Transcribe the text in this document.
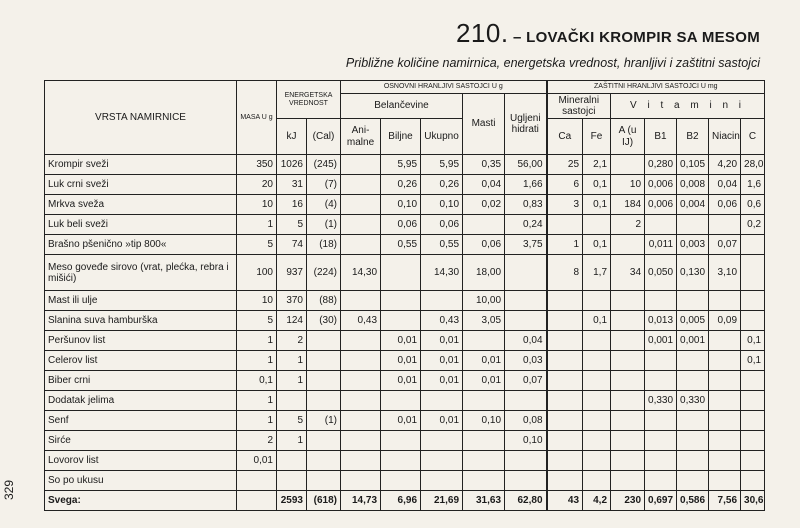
329
210. – LOVAČKI KROMPIR SA MESOM
Približne količine namirnica, energetska vrednost, hranljivi i zaštitni sastojci
VRSTA NAMIRNICE	MASA U g	ENERGETSKA VREDNOST		OSNOVNI HRANLJIVI SASTOJCI U g					ZAŠTITNI HRANLJIVI SASTOJCI U mg						
				Belančevine			Masti	Ugljeni hidrati	Mineralni sastojci		V i t a m i n i				
		kJ	(Cal)	Ani-malne	Biljne	Ukupno			Ca	Fe	A (u IJ)	B1	B2	Niacin	C
Krompir sveži	350	1026	(245)		5,95	5,95	0,35	56,00	25	2,1		0,280	0,105	4,20	28,0
Luk crni sveži	20	31	(7)		0,26	0,26	0,04	1,66	6	0,1	10	0,006	0,008	0,04	1,6
Mrkva sveža	10	16	(4)		0,10	0,10	0,02	0,83	3	0,1	184	0,006	0,004	0,06	0,6
Luk beli sveži	1	5	(1)		0,06	0,06		0,24			2				0,2
Brašno pšenično »tip 800«	5	74	(18)		0,55	0,55	0,06	3,75	1	0,1		0,011	0,003	0,07	
Meso goveđe sirovo (vrat, plećka, rebra i mišići)	100	937	(224)	14,30		14,30	18,00		8	1,7	34	0,050	0,130	3,10	
Mast ili ulje	10	370	(88)				10,00								
Slanina suva hamburška	5	124	(30)	0,43		0,43	3,05			0,1		0,013	0,005	0,09	
Peršunov list	1	2			0,01	0,01		0,04				0,001	0,001		0,1
Celerov list	1	1			0,01	0,01	0,01	0,03							0,1
Biber crni	0,1	1			0,01	0,01	0,01	0,07							
Dodatak jelima	1											0,330	0,330		
Senf	1	5	(1)		0,01	0,01	0,10	0,08							
Sirće	2	1						0,10							
Lovorov list	0,01														
So po ukusu															
Svega:		2593	(618)	14,73	6,96	21,69	31,63	62,80	43	4,2	230	0,697	0,586	7,56	30,6
